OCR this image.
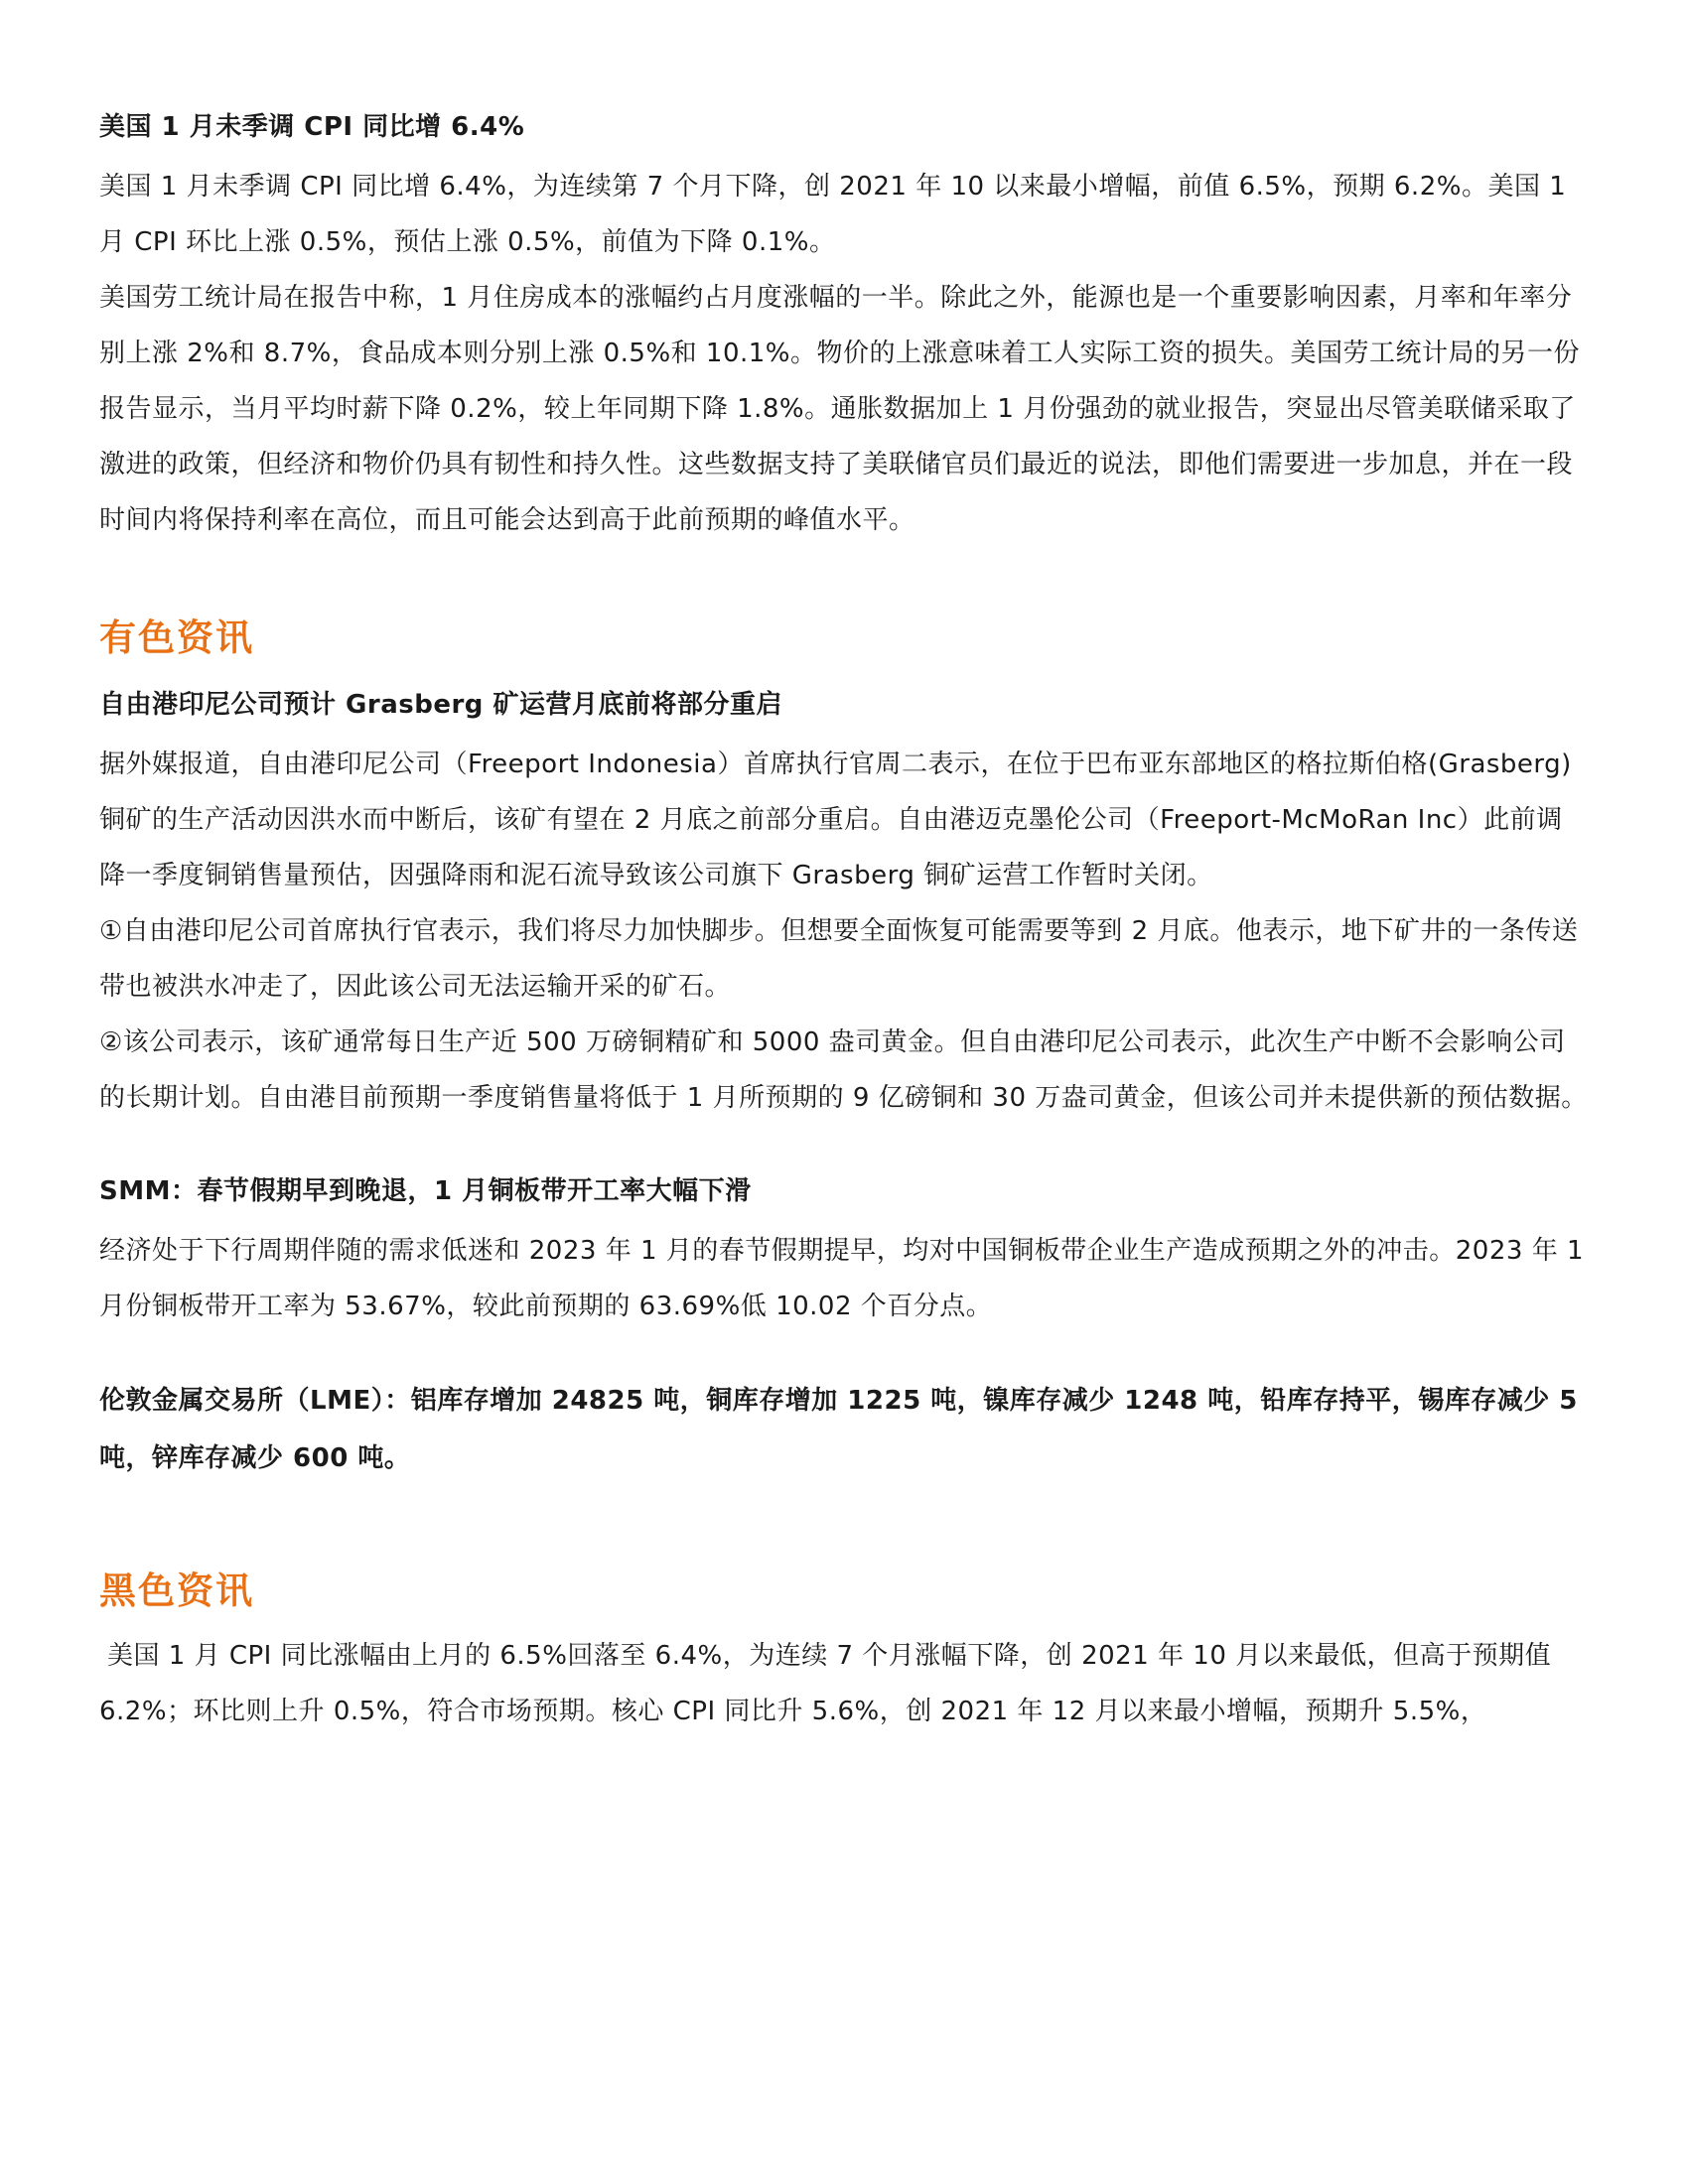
美国 1 月未季调 CPI 同比增 6.4%

美国 1 月未季调 CPI 同比增 6.4%，为连续第 7 个月下降，创 2021 年 10 以来最小增幅，前值 6.5%，预期 6.2%。美国 1 月 CPI 环比上涨 0.5%，预估上涨 0.5%，前值为下降 0.1%。

美国劳工统计局在报告中称，1 月住房成本的涨幅约占月度涨幅的一半。除此之外，能源也是一个重要影响因素，月率和年率分别上涨 2%和 8.7%，食品成本则分别上涨 0.5%和 10.1%。物价的上涨意味着工人实际工资的损失。美国劳工统计局的另一份报告显示，当月平均时薪下降 0.2%，较上年同期下降 1.8%。通胀数据加上 1 月份强劲的就业报告，突显出尽管美联储采取了激进的政策，但经济和物价仍具有韧性和持久性。这些数据支持了美联储官员们最近的说法，即他们需要进一步加息，并在一段时间内将保持利率在高位，而且可能会达到高于此前预期的峰值水平。

有色资讯

自由港印尼公司预计 Grasberg 矿运营月底前将部分重启

据外媒报道，自由港印尼公司（Freeport Indonesia）首席执行官周二表示，在位于巴布亚东部地区的格拉斯伯格(Grasberg)铜矿的生产活动因洪水而中断后，该矿有望在 2 月底之前部分重启。自由港迈克墨伦公司（Freeport-McMoRan Inc）此前调降一季度铜销售量预估，因强降雨和泥石流导致该公司旗下 Grasberg 铜矿运营工作暂时关闭。

①自由港印尼公司首席执行官表示，我们将尽力加快脚步。但想要全面恢复可能需要等到 2 月底。他表示，地下矿井的一条传送带也被洪水冲走了，因此该公司无法运输开采的矿石。

②该公司表示，该矿通常每日生产近 500 万磅铜精矿和 5000 盎司黄金。但自由港印尼公司表示，此次生产中断不会影响公司的长期计划。自由港目前预期一季度销售量将低于 1 月所预期的 9 亿磅铜和 30 万盎司黄金，但该公司并未提供新的预估数据。

SMM：春节假期早到晚退，1 月铜板带开工率大幅下滑

经济处于下行周期伴随的需求低迷和 2023 年 1 月的春节假期提早，均对中国铜板带企业生产造成预期之外的冲击。2023 年 1 月份铜板带开工率为 53.67%，较此前预期的 63.69%低 10.02 个百分点。

伦敦金属交易所（LME）：铝库存增加 24825 吨，铜库存增加 1225 吨，镍库存减少 1248 吨，铅库存持平，锡库存减少 5 吨，锌库存减少 600 吨。

黑色资讯

美国 1 月 CPI 同比涨幅由上月的 6.5%回落至 6.4%，为连续 7 个月涨幅下降，创 2021 年 10 月以来最低，但高于预期值 6.2%；环比则上升 0.5%，符合市场预期。核心 CPI 同比升 5.6%，创 2021 年 12 月以来最小增幅，预期升 5.5%，
